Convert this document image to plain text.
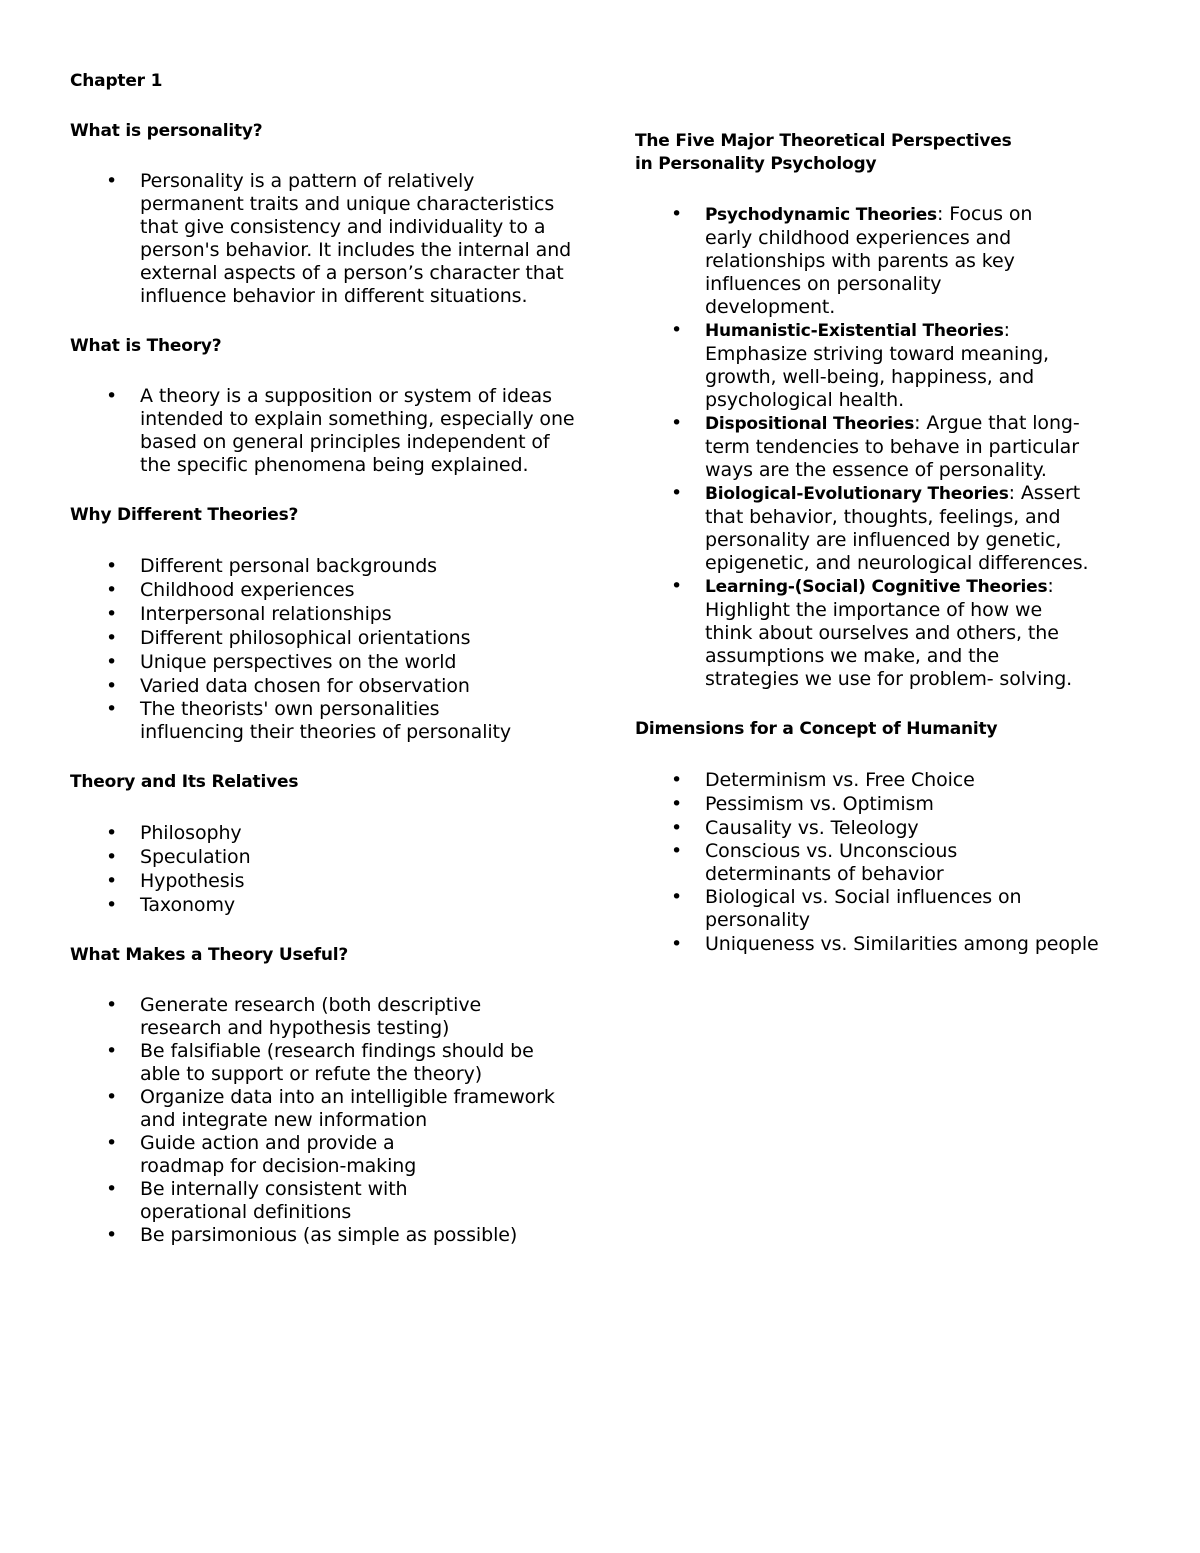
Chapter 1
What is personality?
• Personality is a pattern of relatively permanent traits and unique characteristics that give consistency and individuality to a person's behavior. It includes the internal and external aspects of a person’s character that influence behavior in different situations.
What is Theory?
• A theory is a supposition or system of ideas intended to explain something, especially one based on general principles independent of the specific phenomena being explained.
Why Different Theories?
• Different personal backgrounds
• Childhood experiences
• Interpersonal relationships
• Different philosophical orientations
• Unique perspectives on the world
• Varied data chosen for observation
• The theorists' own personalities influencing their theories of personality
Theory and Its Relatives
• Philosophy
• Speculation
• Hypothesis
• Taxonomy
What Makes a Theory Useful?
• Generate research (both descriptive research and hypothesis testing)
• Be falsifiable (research findings should be able to support or refute the theory)
• Organize data into an intelligible framework and integrate new information
• Guide action and provide a roadmap for decision-making
• Be internally consistent with operational definitions
• Be parsimonious (as simple as possible)
The Five Major Theoretical Perspectives
in Personality Psychology
• Psychodynamic Theories: Focus on early childhood experiences and relationships with parents as key influences on personality development.
• Humanistic-Existential Theories: Emphasize striving toward meaning, growth, well-being, happiness, and psychological health.
• Dispositional Theories: Argue that long-term tendencies to behave in particular ways are the essence of personality.
• Biological-Evolutionary Theories: Assert that behavior, thoughts, feelings, and personality are influenced by genetic, epigenetic, and neurological differences.
• Learning-(Social) Cognitive Theories: Highlight the importance of how we think about ourselves and others, the assumptions we make, and the strategies we use for problem- solving.
Dimensions for a Concept of Humanity
• Determinism vs. Free Choice
• Pessimism vs. Optimism
• Causality vs. Teleology
• Conscious vs. Unconscious determinants of behavior
• Biological vs. Social influences on personality
• Uniqueness vs. Similarities among people
